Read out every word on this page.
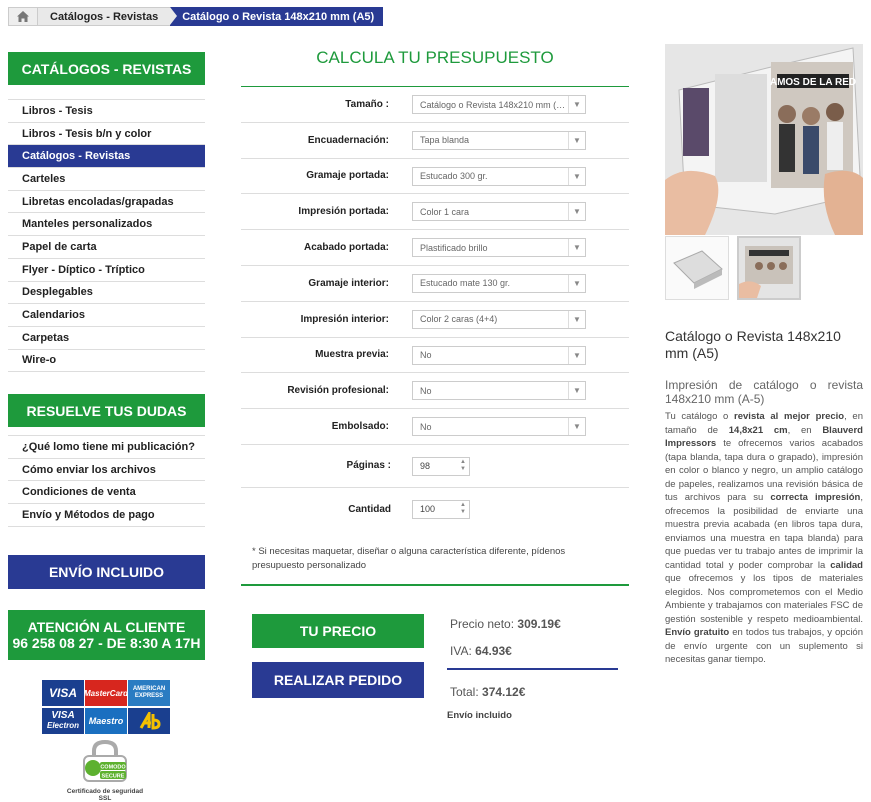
Catálogos - Revistas	Catálogo o Revista 148x210 mm (A5)
CATÁLOGOS - REVISTAS
Libros - Tesis
Libros - Tesis b/n y color
Catálogos - Revistas
Carteles
Libretas encoladas/grapadas
Manteles personalizados
Papel de carta
Flyer - Díptico - Tríptico
Desplegables
Calendarios
Carpetas
Wire-o
RESUELVE TUS DUDAS
¿Qué lomo tiene mi publicación?
Cómo enviar los archivos
Condiciones de venta
Envío y Métodos de pago
ENVÍO INCLUIDO
ATENCIÓN AL CLIENTE
96 258 08 27 - DE 8:30 A 17H
VISA MasterCard AMERICAN
EXPRESS
VISA
Electron	Maestro
COMODO
SECURE
Certificado de seguridad SSL
CALCULA TU PRESUPUESTO
Tamaño :	Catálogo o Revista 148x210 mm (… ▼
Encuadernación:	Tapa blanda	▼
Gramaje portada:	Estucado 300 gr.	▼
Impresión portada:	Color 1 cara	▼
Acabado portada:	Plastificado brillo	▼
Gramaje interior:	Estucado mate 130 gr.	▼
Impresión interior:	Color 2 caras (4+4)	▼
Muestra previa:	No	▼
Revisión profesional:	No	▼
Embolsado:	No	▼
Páginas :	98	▲
▼
Cantidad	100	▲
▼
* Si necesitas maquetar, diseñar o alguna característica diferente, pídenos presupuesto personalizado
TU PRECIO
REALIZAR PEDIDO
Precio neto: 309.19€
IVA: 64.93€
Total: 374.12€
Envío incluido
AMOS DE LA RED
Catálogo o Revista 148x210 mm (A5)
Impresión de catálogo o revista 148x210 mm (A-5)
Tu catálogo o revista al mejor precio, en tamaño de 14,8x21 cm, en Blauverd Impressors te ofrecemos varios acabados (tapa blanda, tapa dura o grapado), impresión en color o blanco y negro, un amplio catálogo de papeles, realizamos una revisión básica de tus archivos para su correcta impresión, ofrecemos la posibilidad de enviarte una muestra previa acabada (en libros tapa dura, enviamos una muestra en tapa blanda) para que puedas ver tu trabajo antes de imprimir la cantidad total y poder comprobar la calidad que ofrecemos y los tipos de materiales elegidos. Nos comprometemos con el Medio Ambiente y trabajamos con materiales FSC de gestión sostenible y respeto medioambiental. Envío gratuito en todos tus trabajos, y opción de envío urgente con un suplemento si necesitas ganar tiempo.
